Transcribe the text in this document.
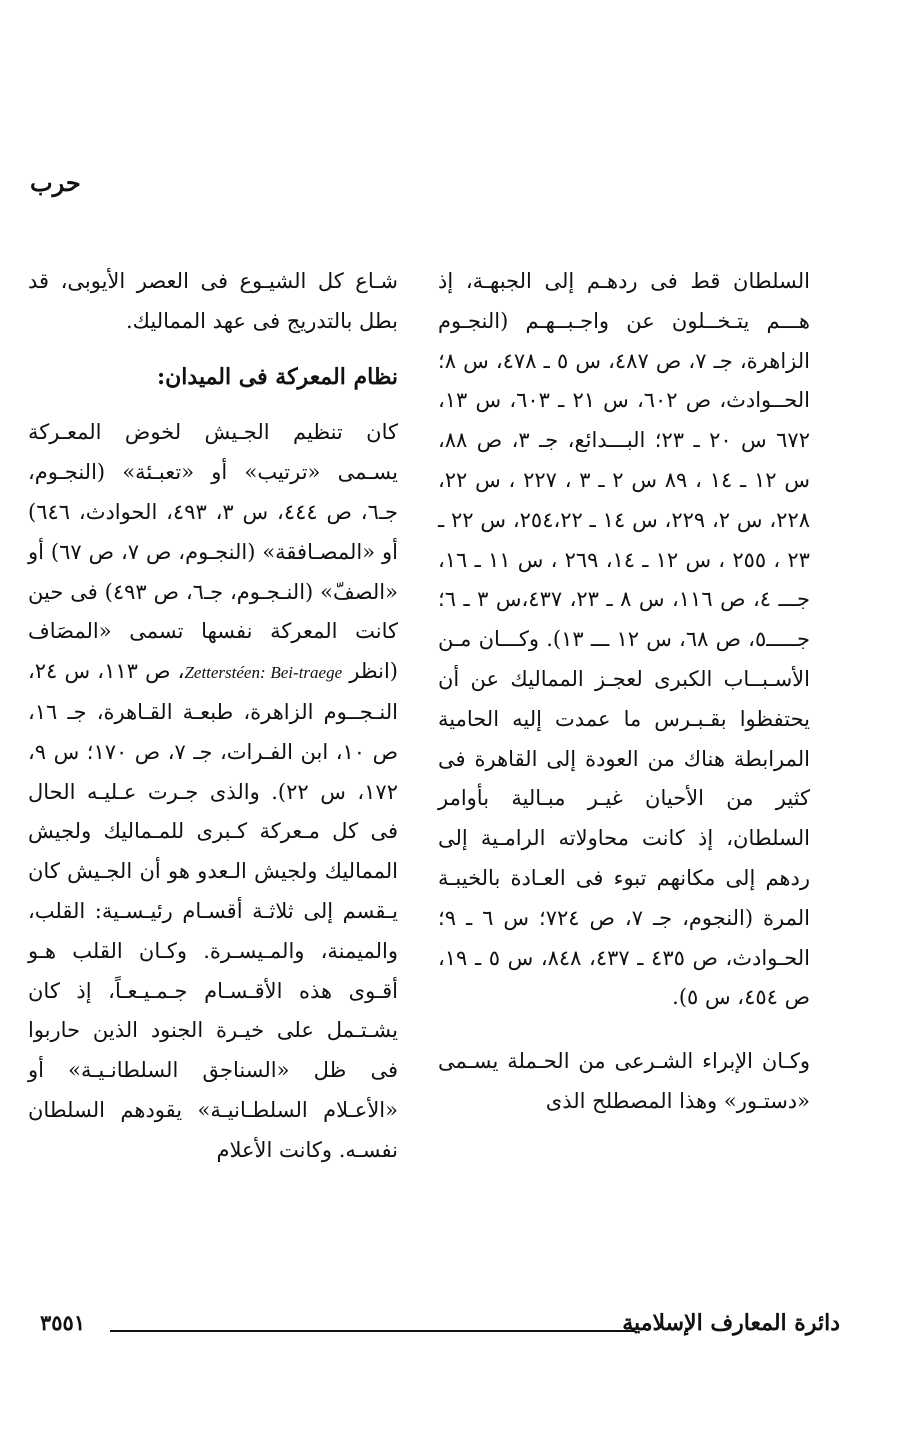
حرب

السلطان قط فى ردهـم إلى الجبهـة، إذ هـــم يتـخــلون عن واجـبــهـم (النجـوم الزاهرة، جـ ٧، ص ٤٨٧، س ٥ ـ ٤٧٨، س ٨؛ الحــوادث، ص ٦٠٢، س ٢١ ـ ٦٠٣، س ١٣، ٦٧٢ س ٢٠ ـ ٢٣؛ البـــدائع، جـ ٣، ص ٨٨، س ١٢ ـ ١٤ ، ٨٩ س ٢ ـ ٣ ، ٢٢٧ ، س ٢٢، ٢٢٨، س ٢، ٢٢٩، س ١٤ ـ ٢٥٤،٢٢، س ٢٢ ـ ٢٣ ، ٢٥٥ ، س ١٢ ـ ١٤، ٢٦٩ ، س ١١ ـ ١٦، جـــ ٤، ص ١١٦، س ٨ ـ ٢٣، ٤٣٧،س ٣ ـ ٦؛ جـــــ٥، ص ٦٨، س ١٢ ـــ ١٣). وكـــان مـن الأسـبــاب الكبرى لعجـز المماليك عن أن يحتفظوا بقـبـرس ما عمدت إليه الحامية المرابطة هناك من العودة إلى القاهرة فى كثير من الأحيان غيـر مبـالية بأوامر السلطان، إذ كانت محاولاته الرامـية إلى ردهم إلى مكانهم تبوء فى العـادة بالخيبـة المرة (النجوم، جـ ٧، ص ٧٢٤؛ س ٦ ـ ٩؛ الحـوادث، ص ٤٣٥ ـ ٤٣٧، ٨٤٨، س ٥ ـ ١٩، ص ٤٥٤، س ٥).

وكـان الإبراء الشـرعى من الحـملة يسـمى «دستـور» وهذا المصطلح الذى

شـاع كل الشيـوع فى العصر الأيوبى، قد بطل بالتدريج فى عهد المماليك.

نظام المعركة فى الميدان:

كان تنظيم الجـيش لخوض المعـركة يسـمى «ترتيب» أو «تعبـئة» (النجـوم، جـ٦، ص ٤٤٤، س ٣، ٤٩٣، الحوادث، ٦٤٦) أو «المصـافقة» (النجـوم، ص ٧، ص ٦٧) أو «الصفّ» (النـجـوم، جـ٦، ص ٤٩٣) فى حين كانت المعركة نفسها تسمى «المصَاف (انظر Zetterstéen: Bei-traege، ص ١١٣، س ٢٤، النـجــوم الزاهرة، طبعـة القـاهرة، جـ ١٦، ص ١٠، ابن الفـرات، جـ ٧، ص ١٧٠؛ س ٩، ١٧٢، س ٢٢). والذى جـرت عـليـه الحال فى كل مـعركة كـبرى للمـماليك ولجيش المماليك ولجيش الـعدو هو أن الجـيش كان يـقسم إلى ثلاثـة أقسـام رئيـسـية: القلب، والميمنة، والمـيسـرة. وكـان القلب هـو أقـوى هذه الأقـسـام جـمـيـعـاً، إذ كان يشـتـمل على خيـرة الجنود الذين حاربوا فى ظل «السناجق السلطانـيـة» أو «الأعـلام السلطـانيـة» يقودهم السلطان نفسـه. وكانت الأعلام

دائرة المعارف الإسلامية
٣٥٥١
